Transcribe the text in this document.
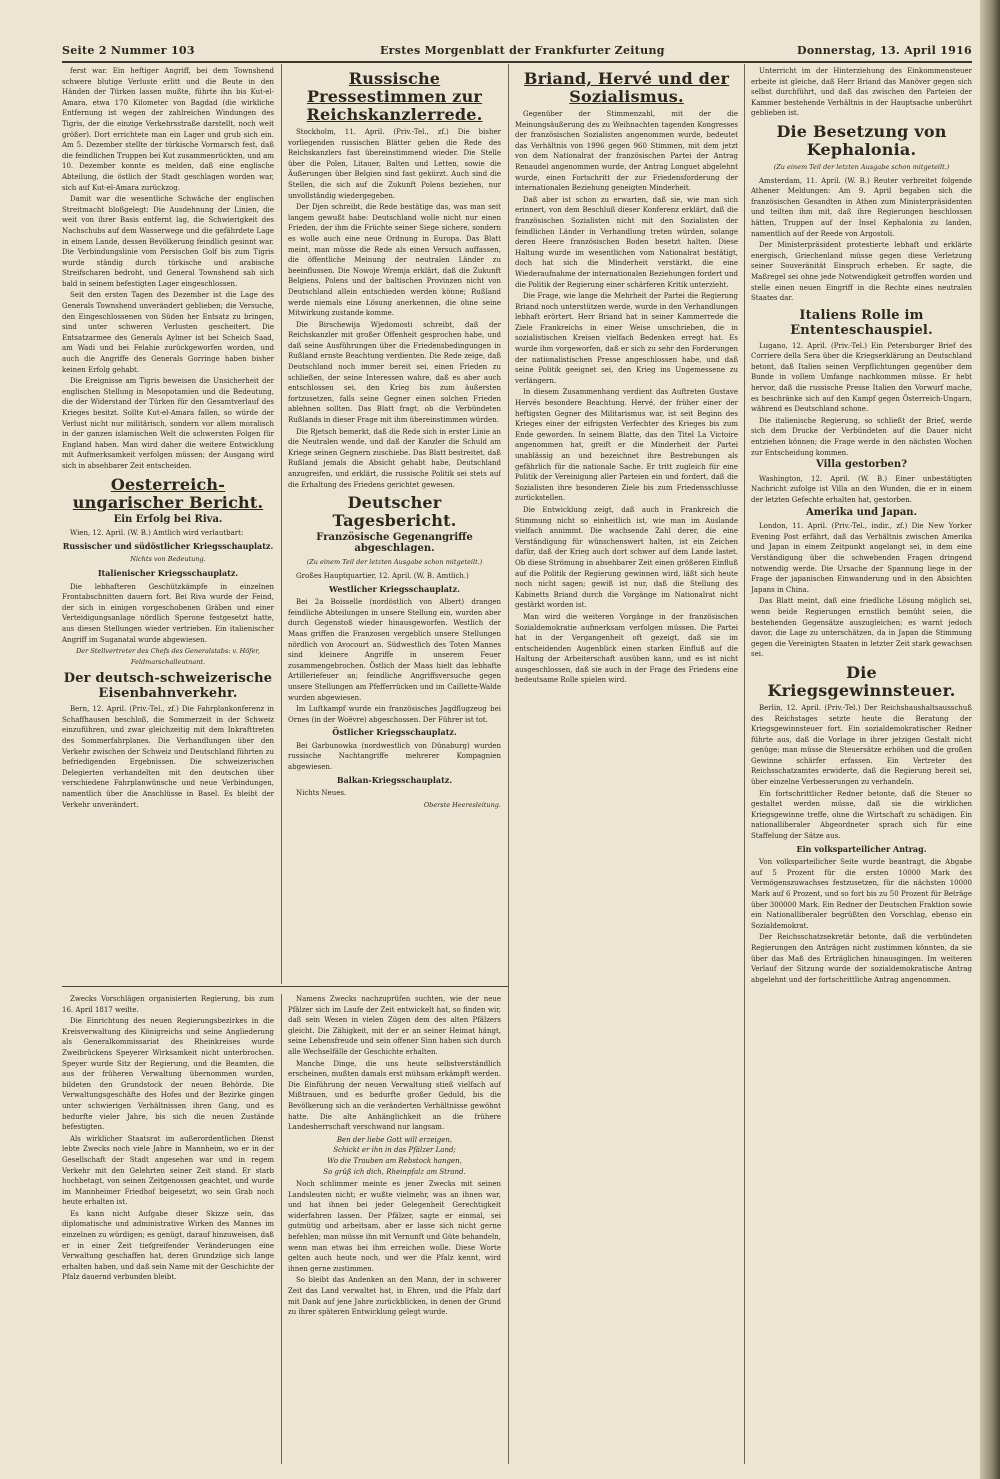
Seite 2 Nummer 103	Erstes Morgenblatt der Frankfurter Zeitung	Donnerstag, 13. April 1916

ferst war. Ein heftiger Angriff, bei dem Townshend schwere blutige Verluste erlitt und die Beute in den Händen der Türken lassen mußte, führte ihn bis Kut-el-Amara, etwa 170 Kilometer von Bagdad (die wirkliche Entfernung ist wegen der zahlreichen Windungen des Tigris, der die einzige Verkehrsstraße darstellt, noch weit größer). Dort errichtete man ein Lager und grub sich ein. Am 5. Dezember stellte der türkische Vormarsch fest, daß die feindlichen Truppen bei Kut zusammenrückten, und am 10. Dezember konnte es melden, daß eine englische Abteilung, die östlich der Stadt geschlagen worden war, sich auf Kut-el-Amara zurückzog.

Damit war die wesentliche Schwäche der englischen Streitmacht bloßgelegt: Die Ausdehnung der Linien, die weit von ihrer Basis entfernt lag, die Schwierigkeit des Nachschubs auf dem Wasserwege und die gefährdete Lage in einem Lande, dessen Bevölkerung feindlich gesinnt war. Die Verbindungslinie vom Persischen Golf bis zum Tigris wurde ständig durch türkische und arabische Streifscharen bedroht, und General Townshend sah sich bald in seinem befestigten Lager eingeschlossen.

Seit den ersten Tagen des Dezember ist die Lage des Generals Townshend unverändert geblieben; die Versuche, den Eingeschlossenen von Süden her Entsatz zu bringen, sind unter schweren Verlusten gescheitert. Die Entsatzarmee des Generals Aylmer ist bei Scheich Saad, am Wadi und bei Felahie zurückgeworfen worden, und auch die Angriffe des Generals Gorringe haben bisher keinen Erfolg gehabt.

Die Ereignisse am Tigris beweisen die Unsicherheit der englischen Stellung in Mesopotamien und die Bedeutung, die der Widerstand der Türken für den Gesamtverlauf des Krieges besitzt. Sollte Kut-el-Amara fallen, so würde der Verlust nicht nur militärisch, sondern vor allem moralisch in der ganzen islamischen Welt die schwersten Folgen für England haben. Man wird daher die weitere Entwicklung mit Aufmerksamkeit verfolgen müssen; der Ausgang wird sich in absehbarer Zeit entscheiden.

Oesterreich-ungarischer Bericht.
Ein Erfolg bei Riva.

Wien, 12. April. (W. B.) Amtlich wird verlautbart:

Russischer und südöstlicher Kriegsschauplatz.
Nichts von Bedeutung.
Italienischer Kriegsschauplatz.

Die lebhafteren Geschützkämpfe in einzelnen Frontabschnitten dauern fort. Bei Riva wurde der Feind, der sich in einigen vorgeschobenen Gräben und einer Verteidigungsanlage nördlich Sperone festgesetzt hatte, aus diesen Stellungen wieder vertrieben. Ein italienischer Angriff im Suganatal wurde abgewiesen.

Der Stellvertreter des Chefs des Generalstabs: v. Höfer, Feldmarschalleutnant.
Der deutsch-schweizerische Eisenbahnverkehr.

Bern, 12. April. (Priv.-Tel., zf.) Die Fahrplankonferenz in Schaffhausen beschloß, die Sommerzeit in der Schweiz einzuführen, und zwar gleichzeitig mit dem Inkrafttreten des Sommerfahrplanes. Die Verhandlungen über den Verkehr zwischen der Schweiz und Deutschland führten zu befriedigenden Ergebnissen. Die schweizerischen Delegierten verhandelten mit den deutschen über verschiedene Fahrplanwünsche und neue Verbindungen, namentlich über die Anschlüsse in Basel. Es bleibt der Verkehr unverändert.

Zwecks Vorschlägen organisierten Regierung, bis zum 16. April 1817 weilte.

Die Einrichtung des neuen Regierungsbezirkes in die Kreisverwaltung des Königreichs und seine Angliederung als Generalkommissariat des Rheinkreises wurde Zweibrückens Speyerer Wirksamkeit nicht unterbrochen. Speyer wurde Sitz der Regierung, und die Beamten, die aus der früheren Verwaltung übernommen wurden, bildeten den Grundstock der neuen Behörde. Die Verwaltungsgeschäfte des Hofes und der Bezirke gingen unter schwierigen Verhältnissen ihren Gang, und es bedurfte vieler Jahre, bis sich die neuen Zustände befestigten.

Als wirklicher Staatsrat im außerordentlichen Dienst lebte Zwecks noch viele Jahre in Mannheim, wo er in der Gesellschaft der Stadt angesehen war und in regem Verkehr mit den Gelehrten seiner Zeit stand. Er starb hochbetagt, von seinen Zeitgenossen geachtet, und wurde im Mannheimer Friedhof beigesetzt, wo sein Grab noch heute erhalten ist.

Es kann nicht Aufgabe dieser Skizze sein, das diplomatische und administrative Wirken des Mannes im einzelnen zu würdigen; es genügt, darauf hinzuweisen, daß er in einer Zeit tiefgreifender Veränderungen eine Verwaltung geschaffen hat, deren Grundzüge sich lange erhalten haben, und daß sein Name mit der Geschichte der Pfalz dauernd verbunden bleibt.

Russische Pressestimmen zur Reichskanzlerrede.

Stockholm, 11. April. (Priv.-Tel., zf.) Die bisher vorliegenden russischen Blätter geben die Rede des Reichskanzlers fast übereinstimmend wieder. Die Stelle über die Polen, Litauer, Balten und Letten, sowie die Äußerungen über Belgien sind fast gekürzt. Auch sind die Stellen, die sich auf die Zukunft Polens beziehen, nur unvollständig wiedergegeben.

Der Djen schreibt, die Rede bestätige das, was man seit langem gewußt habe: Deutschland wolle nicht nur einen Frieden, der ihm die Früchte seiner Siege sichere, sondern es wolle auch eine neue Ordnung in Europa. Das Blatt meint, man müsse die Rede als einen Versuch auffassen, die öffentliche Meinung der neutralen Länder zu beeinflussen. Die Nowoje Wremja erklärt, daß die Zukunft Belgiens, Polens und der baltischen Provinzen nicht von Deutschland allein entschieden werden könne; Rußland werde niemals eine Lösung anerkennen, die ohne seine Mitwirkung zustande komme.

Die Birschewija Wjedomosti schreibt, daß der Reichskanzler mit großer Offenheit gesprochen habe, und daß seine Ausführungen über die Friedensbedingungen in Rußland ernste Beachtung verdienten. Die Rede zeige, daß Deutschland noch immer bereit sei, einen Frieden zu schließen, der seine Interessen wahre, daß es aber auch entschlossen sei, den Krieg bis zum äußersten fortzusetzen, falls seine Gegner einen solchen Frieden ablehnen sollten. Das Blatt fragt, ob die Verbündeten Rußlands in dieser Frage mit ihm übereinstimmen würden.

Die Rjetsch bemerkt, daß die Rede sich in erster Linie an die Neutralen wende, und daß der Kanzler die Schuld am Kriege seinen Gegnern zuschiebe. Das Blatt bestreitet, daß Rußland jemals die Absicht gehabt habe, Deutschland anzugreifen, und erklärt, die russische Politik sei stets auf die Erhaltung des Friedens gerichtet gewesen.

Deutscher Tagesbericht.
Französische Gegenangriffe abgeschlagen.
(Zu einem Teil der letzten Ausgabe schon mitgeteilt.)

Großes Hauptquartier, 12. April. (W. B. Amtlich.)

Westlicher Kriegsschauplatz.

Bei 2a Boisselle (nordöstlich von Albert) drangen feindliche Abteilungen in unsere Stellung ein, wurden aber durch Gegenstoß wieder hinausgeworfen. Westlich der Maas griffen die Franzosen vergeblich unsere Stellungen nördlich von Avocourt an. Südwestlich des Toten Mannes sind kleinere Angriffe in unserem Feuer zusammengebrochen. Östlich der Maas hielt das lebhafte Artilleriefeuer an; feindliche Angriffsversuche gegen unsere Stellungen am Pfefferrücken und im Caillette-Walde wurden abgewiesen.

Im Luftkampf wurde ein französisches Jagdflugzeug bei Ornes (in der Woëvre) abgeschossen. Der Führer ist tot.

Östlicher Kriegsschauplatz.

Bei Garbunowka (nordwestlich von Dünaburg) wurden russische Nachtangriffe mehrerer Kompagnien abgewiesen.

Balkan-Kriegsschauplatz.

Nichts Neues.

Oberste Heeresleitung.

Namens Zwecks nachzuprüfen suchten, wie der neue Pfälzer sich im Laufe der Zeit entwickelt hat, so finden wir, daß sein Wesen in vielen Zügen dem des alten Pfälzers gleicht. Die Zähigkeit, mit der er an seiner Heimat hängt, seine Lebensfreude und sein offener Sinn haben sich durch alle Wechselfälle der Geschichte erhalten.

Manche Dinge, die uns heute selbstverständlich erscheinen, mußten damals erst mühsam erkämpft werden. Die Einführung der neuen Verwaltung stieß vielfach auf Mißtrauen, und es bedurfte großer Geduld, bis die Bevölkerung sich an die veränderten Verhältnisse gewöhnt hatte. Die alte Anhänglichkeit an die frühere Landesherrschaft verschwand nur langsam.

Ben der liebe Gott will erzeigen,
Schickt er ihn in das Pfälzer Land;
Wo die Trauben am Rebstock hangen,
So grüß ich dich, Rheinpfalz am Strand.

Noch schlimmer meinte es jener Zwecks mit seinen Landsleuten nicht; er wußte vielmehr, was an ihnen war, und hat ihnen bei jeder Gelegenheit Gerechtigkeit widerfahren lassen. Der Pfälzer, sagte er einmal, sei gutmütig und arbeitsam, aber er lasse sich nicht gerne befehlen; man müsse ihn mit Vernunft und Güte behandeln, wenn man etwas bei ihm erreichen wolle. Diese Worte gelten auch heute noch, und wer die Pfalz kennt, wird ihnen gerne zustimmen.

So bleibt das Andenken an den Mann, der in schwerer Zeit das Land verwaltet hat, in Ehren, und die Pfalz darf mit Dank auf jene Jahre zurückblicken, in denen der Grund zu ihrer späteren Entwicklung gelegt wurde.

Briand, Hervé und der Sozialismus.

Gegenüber der Stimmenzahl, mit der die Meinungsäußerung des zu Weihnachten tagenden Kongresses der französischen Sozialisten angenommen wurde, bedeutet das Verhältnis von 1996 gegen 960 Stimmen, mit dem jetzt von dem Nationalrat der französischen Partei der Antrag Renaudel angenommen wurde, der Antrag Longuet abgelehnt wurde, einen Fortschritt der zur Friedensforderung der internationalen Beziehung geneigten Minderheit.

Daß aber ist schon zu erwarten, daß sie, wie man sich erinnert, von dem Beschluß dieser Konferenz erklärt, daß die französischen Sozialisten nicht mit den Sozialisten der feindlichen Länder in Verhandlung treten würden, solange deren Heere französischen Boden besetzt halten. Diese Haltung wurde im wesentlichen vom Nationalrat bestätigt, doch hat sich die Minderheit verstärkt, die eine Wiederaufnahme der internationalen Beziehungen fordert und die Politik der Regierung einer schärferen Kritik unterzieht.

Die Frage, wie lange die Mehrheit der Partei die Regierung Briand noch unterstützen werde, wurde in den Verhandlungen lebhaft erörtert. Herr Briand hat in seiner Kammerrede die Ziele Frankreichs in einer Weise umschrieben, die in sozialistischen Kreisen vielfach Bedenken erregt hat. Es wurde ihm vorgeworfen, daß er sich zu sehr den Forderungen der nationalistischen Presse angeschlossen habe, und daß seine Politik geeignet sei, den Krieg ins Ungemessene zu verlängern.

In diesem Zusammenhang verdient das Auftreten Gustave Hervés besondere Beachtung. Hervé, der früher einer der heftigsten Gegner des Militarismus war, ist seit Beginn des Krieges einer der eifrigsten Verfechter des Krieges bis zum Ende geworden. In seinem Blatte, das den Titel La Victoire angenommen hat, greift er die Minderheit der Partei unablässig an und bezeichnet ihre Bestrebungen als gefährlich für die nationale Sache. Er tritt zugleich für eine Politik der Vereinigung aller Parteien ein und fordert, daß die Sozialisten ihre besonderen Ziele bis zum Friedensschlusse zurückstellen.

Die Entwicklung zeigt, daß auch in Frankreich die Stimmung nicht so einheitlich ist, wie man im Auslande vielfach annimmt. Die wachsende Zahl derer, die eine Verständigung für wünschenswert halten, ist ein Zeichen dafür, daß der Krieg auch dort schwer auf dem Lande lastet. Ob diese Strömung in absehbarer Zeit einen größeren Einfluß auf die Politik der Regierung gewinnen wird, läßt sich heute noch nicht sagen; gewiß ist nur, daß die Stellung des Kabinetts Briand durch die Vorgänge im Nationalrat nicht gestärkt worden ist.

Man wird die weiteren Vorgänge in der französischen Sozialdemokratie aufmerksam verfolgen müssen. Die Partei hat in der Vergangenheit oft gezeigt, daß sie im entscheidenden Augenblick einen starken Einfluß auf die Haltung der Arbeiterschaft ausüben kann, und es ist nicht ausgeschlossen, daß sie auch in der Frage des Friedens eine bedeutsame Rolle spielen wird.

Unterricht im der Hinterziehung des Einkommensteuer erbeite ist gleiche, daß Herr Briand das Manöver gegen sich selbst durchführt, und daß das zwischen den Parteien der Kammer bestehende Verhältnis in der Hauptsache unberührt geblieben ist.

Die Besetzung von Kephalonia.
(Zu einem Teil der letzten Ausgabe schon mitgeteilt.)

Amsterdam, 11. April. (W. B.) Reuter verbreitet folgende Athener Meldungen: Am 9. April begaben sich die französischen Gesandten in Athen zum Ministerpräsidenten und teilten ihm mit, daß ihre Regierungen beschlossen hätten, Truppen auf der Insel Kephalonia zu landen, namentlich auf der Reede von Argostoli.

Der Ministerpräsident protestierte lebhaft und erklärte energisch, Griechenland müsse gegen diese Verletzung seiner Souveränität Einspruch erheben. Er sagte, die Maßregel sei ohne jede Notwendigkeit getroffen worden und stelle einen neuen Eingriff in die Rechte eines neutralen Staates dar.

Italiens Rolle im Ententeschauspiel.

Lugano, 12. April. (Priv.-Tel.) Ein Petersburger Brief des Corriere della Sera über die Kriegserklärung an Deutschland betont, daß Italien seinen Verpflichtungen gegenüber dem Bunde in vollem Umfange nachkommen müsse. Er hebt hervor, daß die russische Presse Italien den Vorwurf mache, es beschränke sich auf den Kampf gegen Österreich-Ungarn, während es Deutschland schone.

Die italienische Regierung, so schließt der Brief, werde sich dem Drucke der Verbündeten auf die Dauer nicht entziehen können; die Frage werde in den nächsten Wochen zur Entscheidung kommen.

Villa gestorben?

Washington, 12. April. (W. B.) Einer unbestätigten Nachricht zufolge ist Villa an den Wunden, die er in einem der letzten Gefechte erhalten hat, gestorben.

Amerika und Japan.

London, 11. April. (Priv.-Tel., indir., zf.) Die New Yorker Evening Post erfährt, daß das Verhältnis zwischen Amerika und Japan in einem Zeitpunkt angelangt sei, in dem eine Verständigung über die schwebenden Fragen dringend notwendig werde. Die Ursache der Spannung liege in der Frage der japanischen Einwanderung und in den Absichten Japans in China.

Das Blatt meint, daß eine friedliche Lösung möglich sei, wenn beide Regierungen ernstlich bemüht seien, die bestehenden Gegensätze auszugleichen; es warnt jedoch davor, die Lage zu unterschätzen, da in Japan die Stimmung gegen die Vereinigten Staaten in letzter Zeit stark gewachsen sei.

Die Kriegsgewinnsteuer.

Berlin, 12. April. (Priv.-Tel.) Der Reichshaushaltsausschuß des Reichstages setzte heute die Beratung der Kriegsgewinnsteuer fort. Ein sozialdemokratischer Redner führte aus, daß die Vorlage in ihrer jetzigen Gestalt nicht genüge; man müsse die Steuersätze erhöhen und die großen Gewinne schärfer erfassen. Ein Vertreter des Reichsschatzamtes erwiderte, daß die Regierung bereit sei, über einzelne Verbesserungen zu verhandeln.

Ein fortschrittlicher Redner betonte, daß die Steuer so gestaltet werden müsse, daß sie die wirklichen Kriegsgewinne treffe, ohne die Wirtschaft zu schädigen. Ein nationalliberaler Abgeordneter sprach sich für eine Staffelung der Sätze aus.

Ein volksparteilicher Antrag.

Von volksparteilicher Seite wurde beantragt, die Abgabe auf 5 Prozent für die ersten 10000 Mark des Vermögenszuwachses festzusetzen, für die nächsten 10000 Mark auf 6 Prozent, und so fort bis zu 50 Prozent für Beträge über 300000 Mark. Ein Redner der Deutschen Fraktion sowie ein Nationalliberaler begrüßten den Vorschlag, ebenso ein Sozialdemokrat.

Der Reichsschatzsekretär betonte, daß die verbündeten Regierungen den Anträgen nicht zustimmen könnten, da sie über das Maß des Erträglichen hinausgingen. Im weiteren Verlauf der Sitzung wurde der sozialdemokratische Antrag abgelehnt und der fortschrittliche Antrag angenommen.
